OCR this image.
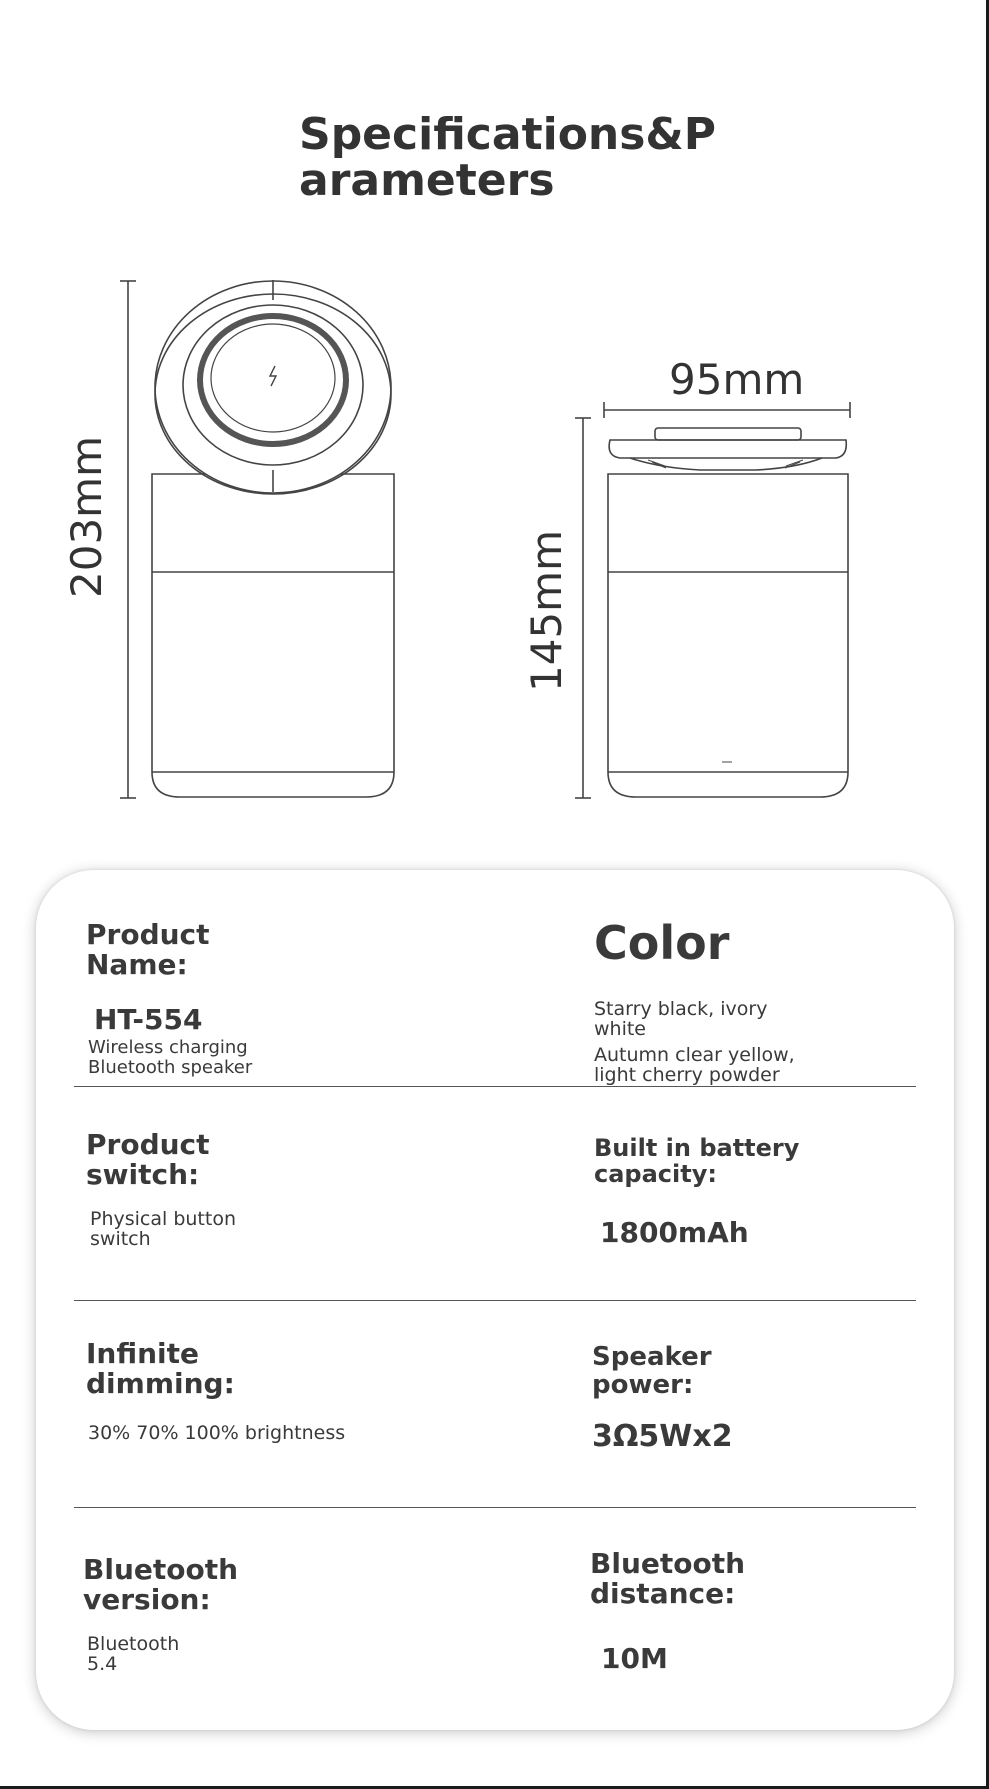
Specifications&Parameters
203mm
145mm
95mm
Product Name:
HT-554
Wireless charging
Bluetooth speaker
Color
Starry black, ivory white
Autumn clear yellow, light cherry powder
Product switch:
Physical button switch
Built in battery capacity:
1800mAh
Infinite dimming:
30% 70% 100% brightness
Speaker power:
3Ω5Wx2
Bluetooth version:
Bluetooth 5.4
Bluetooth distance:
10M
